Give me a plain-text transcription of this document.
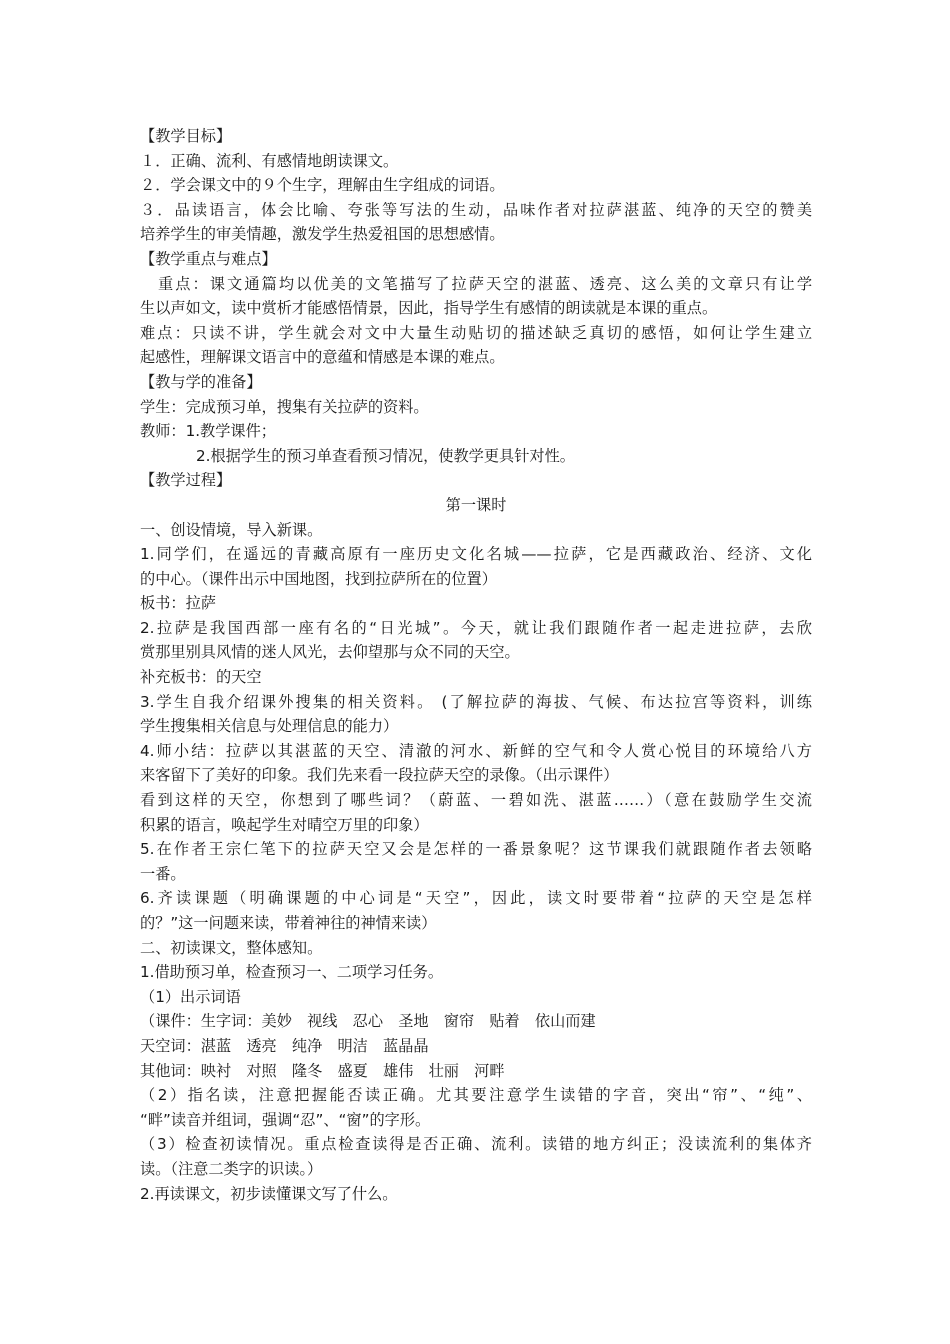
【教学目标】
１．正确、流利、有感情地朗读课文。
２．学会课文中的９个生字，理解由生字组成的词语。
３．品读语言，体会比喻、夸张等写法的生动，品味作者对拉萨湛蓝、纯净的天空的赞美
培养学生的审美情趣，激发学生热爱祖国的思想感情。
【教学重点与难点】
重点：课文通篇均以优美的文笔描写了拉萨天空的湛蓝、透亮、这么美的文章只有让学
生以声如文，读中赏析才能感悟情景，因此，指导学生有感情的朗读就是本课的重点。
难点：只读不讲，学生就会对文中大量生动贴切的描述缺乏真切的感悟，如何让学生建立
起感性，理解课文语言中的意蕴和情感是本课的难点。
【教与学的准备】
学生：完成预习单，搜集有关拉萨的资料。
教师：1.教学课件；
2.根据学生的预习单查看预习情况，使教学更具针对性。
【教学过程】
第一课时
一、创设情境，导入新课。
1.同学们，在遥远的青藏高原有一座历史文化名城——拉萨，它是西藏政治、经济、文化
的中心。（课件出示中国地图，找到拉萨所在的位置）
板书：拉萨
2.拉萨是我国西部一座有名的“日光城”。今天，就让我们跟随作者一起走进拉萨，去欣
赏那里别具风情的迷人风光，去仰望那与众不同的天空。
补充板书：的天空
3.学生自我介绍课外搜集的相关资料。 (了解拉萨的海拔、气候、布达拉宫等资料，训练
学生搜集相关信息与处理信息的能力）
4.师小结：拉萨以其湛蓝的天空、清澈的河水、新鲜的空气和令人赏心悦目的环境给八方
来客留下了美好的印象。我们先来看一段拉萨天空的录像。（出示课件）
看到这样的天空，你想到了哪些词？（蔚蓝、一碧如洗、湛蓝……）（意在鼓励学生交流
积累的语言，唤起学生对晴空万里的印象）
5.在作者王宗仁笔下的拉萨天空又会是怎样的一番景象呢？这节课我们就跟随作者去领略
一番。
6.齐读课题（明确课题的中心词是“天空”，因此，读文时要带着“拉萨的天空是怎样
的？”这一问题来读，带着神往的神情来读）
二、初读课文，整体感知。
1.借助预习单，检查预习一、二项学习任务。
（1）出示词语
（课件：生字词：美妙　视线　忍心　圣地　窗帘　贴着　依山而建
天空词：湛蓝　透亮　纯净　明洁　蓝晶晶
其他词：映衬　对照　隆冬　盛夏　雄伟　壮丽　河畔
（2）指名读，注意把握能否读正确。尤其要注意学生读错的字音，突出“帘”、“纯”、
“畔”读音并组词，强调“忍”、“窗”的字形。
（3）检查初读情况。重点检查读得是否正确、流利。读错的地方纠正；没读流利的集体齐
读。（注意二类字的识读。）
2.再读课文，初步读懂课文写了什么。
